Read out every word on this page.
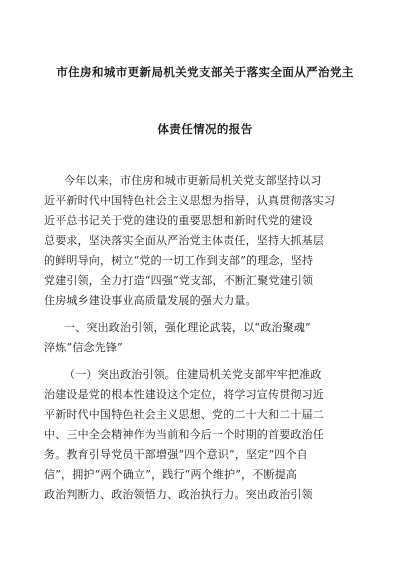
市住房和城市更新局机关党支部关于落实全面从严治党主
体责任情况的报告
今年以来，市住房和城市更新局机关党支部坚持以习
近平新时代中国特色社会主义思想为指导，认真贯彻落实习
近平总书记关于党的建设的重要思想和新时代党的建设
总要求，坚决落实全面从严治党主体责任，坚持大抓基层
的鲜明导向，树立“党的一切工作到支部”的理念，坚持
党建引领，全力打造“四强”党支部，不断汇聚党建引领
住房城乡建设事业高质量发展的强大力量。
一、突出政治引领，强化理论武装，以“政治聚魂”
淬炼“信念先锋”
（一）突出政治引领。住建局机关党支部牢牢把准政
治建设是党的根本性建设这个定位，将学习宣传贯彻习近
平新时代中国特色社会主义思想、党的二十大和二十届二
中、三中全会精神作为当前和今后一个时期的首要政治任
务。教育引导党员干部增强“四个意识”，坚定“四个自
信”，拥护“两个确立”，践行“两个维护”，不断提高
政治判断力、政治领悟力、政治执行力。突出政治引领
